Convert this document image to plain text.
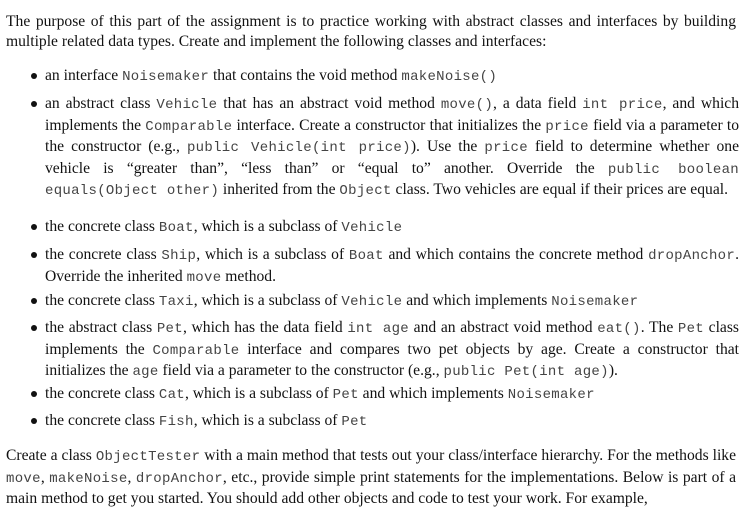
The purpose of this part of the assignment is to practice working with abstract classes and interfaces by building multiple related data types. Create and implement the following classes and interfaces:

an interface Noisemaker that contains the void method makeNoise()
an abstract class Vehicle that has an abstract void method move(), a data field int price, and which implements the Comparable interface. Create a constructor that initializes the price field via a parameter to the constructor (e.g., public Vehicle(int price)). Use the price field to determine whether one vehicle is “greater than”, “less than” or “equal to” another. Override the public boolean equals(Object other) inherited from the Object class. Two vehicles are equal if their prices are equal.
the concrete class Boat, which is a subclass of Vehicle
the concrete class Ship, which is a subclass of Boat and which contains the concrete method dropAnchor. Override the inherited move method.
the concrete class Taxi, which is a subclass of Vehicle and which implements Noisemaker
the abstract class Pet, which has the data field int age and an abstract void method eat(). The Pet class implements the Comparable interface and compares two pet objects by age. Create a constructor that initializes the age field via a parameter to the constructor (e.g., public Pet(int age)).
the concrete class Cat, which is a subclass of Pet and which implements Noisemaker
the concrete class Fish, which is a subclass of Pet

Create a class ObjectTester with a main method that tests out your class/interface hierarchy. For the methods like move, makeNoise, dropAnchor, etc., provide simple print statements for the implementations. Below is part of a main method to get you started. You should add other objects and code to test your work. For example,
